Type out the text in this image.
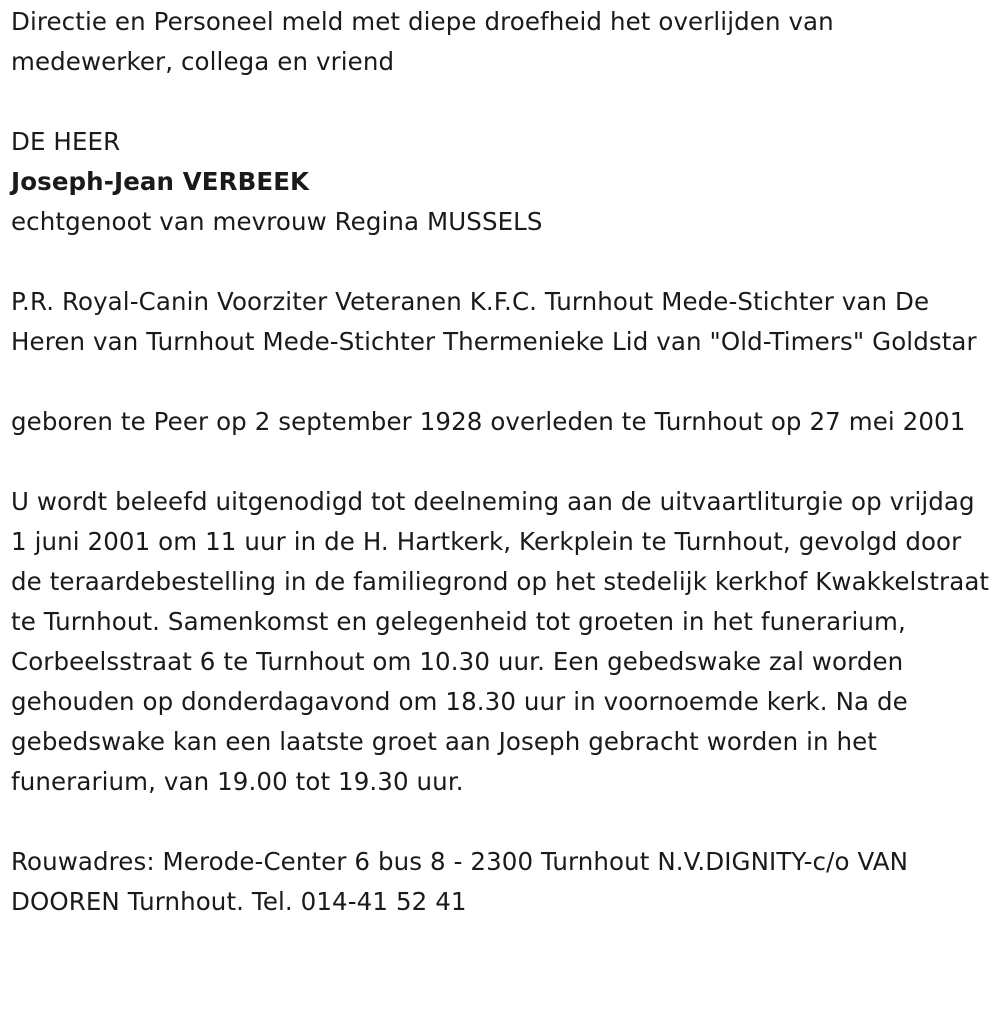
Directie en Personeel meld met diepe droefheid het overlijden van medewerker, collega en vriend

DE HEER

Joseph-Jean VERBEEK

echtgenoot van mevrouw Regina MUSSELS

P.R. Royal-Canin Voorziter Veteranen K.F.C. Turnhout Mede-Stichter van De Heren van Turnhout Mede-Stichter Thermenieke Lid van "Old-Timers" Goldstar

geboren te Peer op 2 september 1928 overleden te Turnhout op 27 mei 2001

U wordt beleefd uitgenodigd tot deelneming aan de uitvaartliturgie op vrijdag 1 juni 2001 om 11 uur in de H. Hartkerk, Kerkplein te Turnhout, gevolgd door de teraardebestelling in de familiegrond op het stedelijk kerkhof Kwakkelstraat te Turnhout. Samenkomst en gelegenheid tot groeten in het funerarium, Corbeelsstraat 6 te Turnhout om 10.30 uur. Een gebedswake zal worden gehouden op donderdagavond om 18.30 uur in voornoemde kerk. Na de gebedswake kan een laatste groet aan Joseph gebracht worden in het funerarium, van 19.00 tot 19.30 uur.

Rouwadres: Merode-Center 6 bus 8 - 2300 Turnhout N.V.DIGNITY-c/o VAN DOOREN Turnhout. Tel. 014-41 52 41
